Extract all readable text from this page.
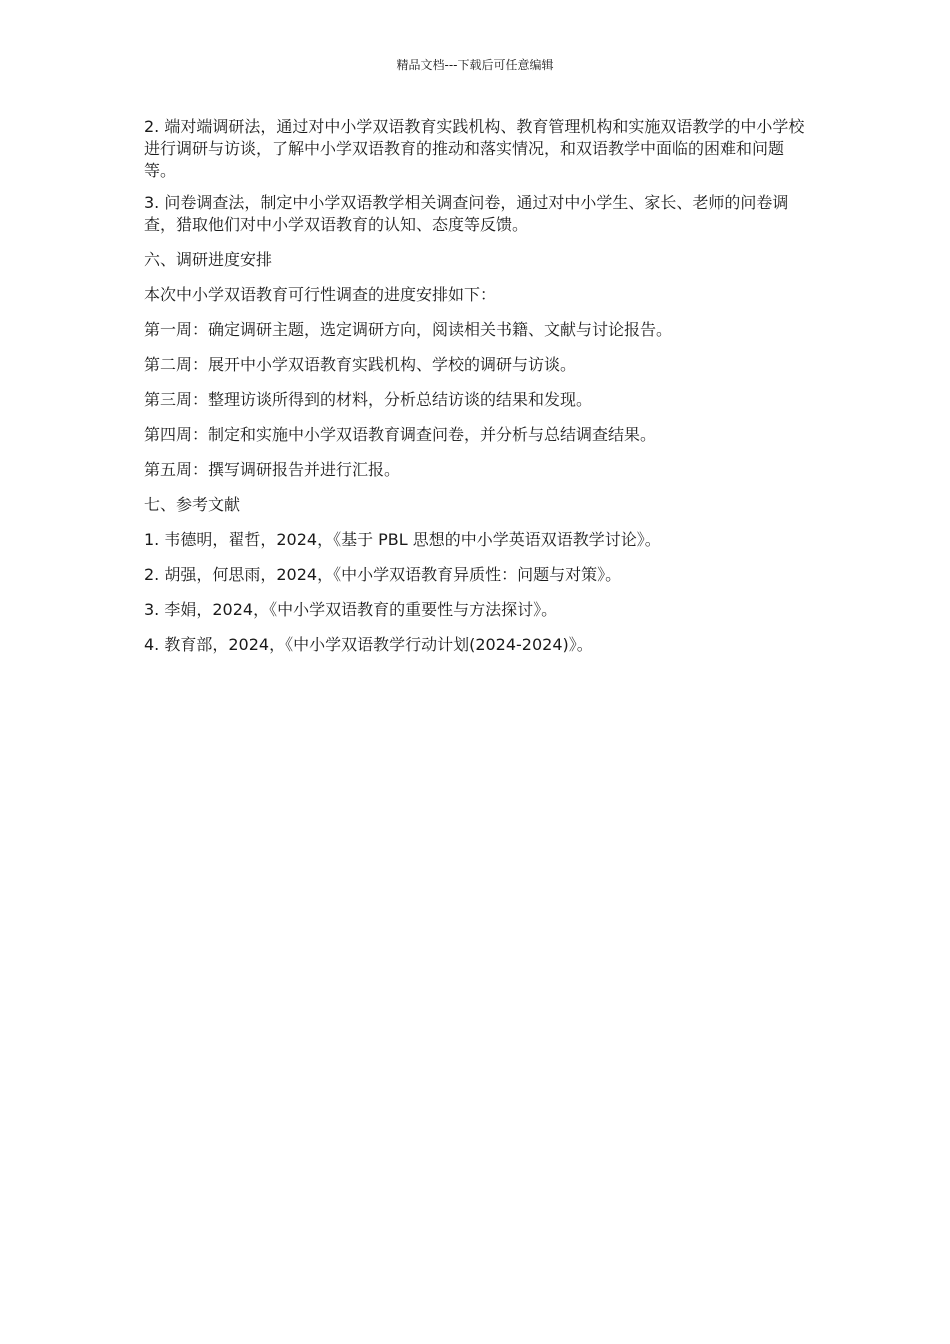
精品文档---下载后可任意编辑

2. 端对端调研法，通过对中小学双语教育实践机构、教育管理机构和实施双语教学的中小学校进行调研与访谈，了解中小学双语教育的推动和落实情况，和双语教学中面临的困难和问题等。

3. 问卷调查法，制定中小学双语教学相关调查问卷，通过对中小学生、家长、老师的问卷调查，猎取他们对中小学双语教育的认知、态度等反馈。

六、调研进度安排

本次中小学双语教育可行性调查的进度安排如下：

第一周：确定调研主题，选定调研方向，阅读相关书籍、文献与讨论报告。

第二周：展开中小学双语教育实践机构、学校的调研与访谈。

第三周：整理访谈所得到的材料，分析总结访谈的结果和发现。

第四周：制定和实施中小学双语教育调查问卷，并分析与总结调查结果。

第五周：撰写调研报告并进行汇报。

七、参考文献

1. 韦德明，翟哲，2024，《基于 PBL 思想的中小学英语双语教学讨论》。

2. 胡强，何思雨，2024，《中小学双语教育异质性：问题与对策》。

3. 李娟，2024，《中小学双语教育的重要性与方法探讨》。

4. 教育部，2024，《中小学双语教学行动计划(2024-2024)》。
